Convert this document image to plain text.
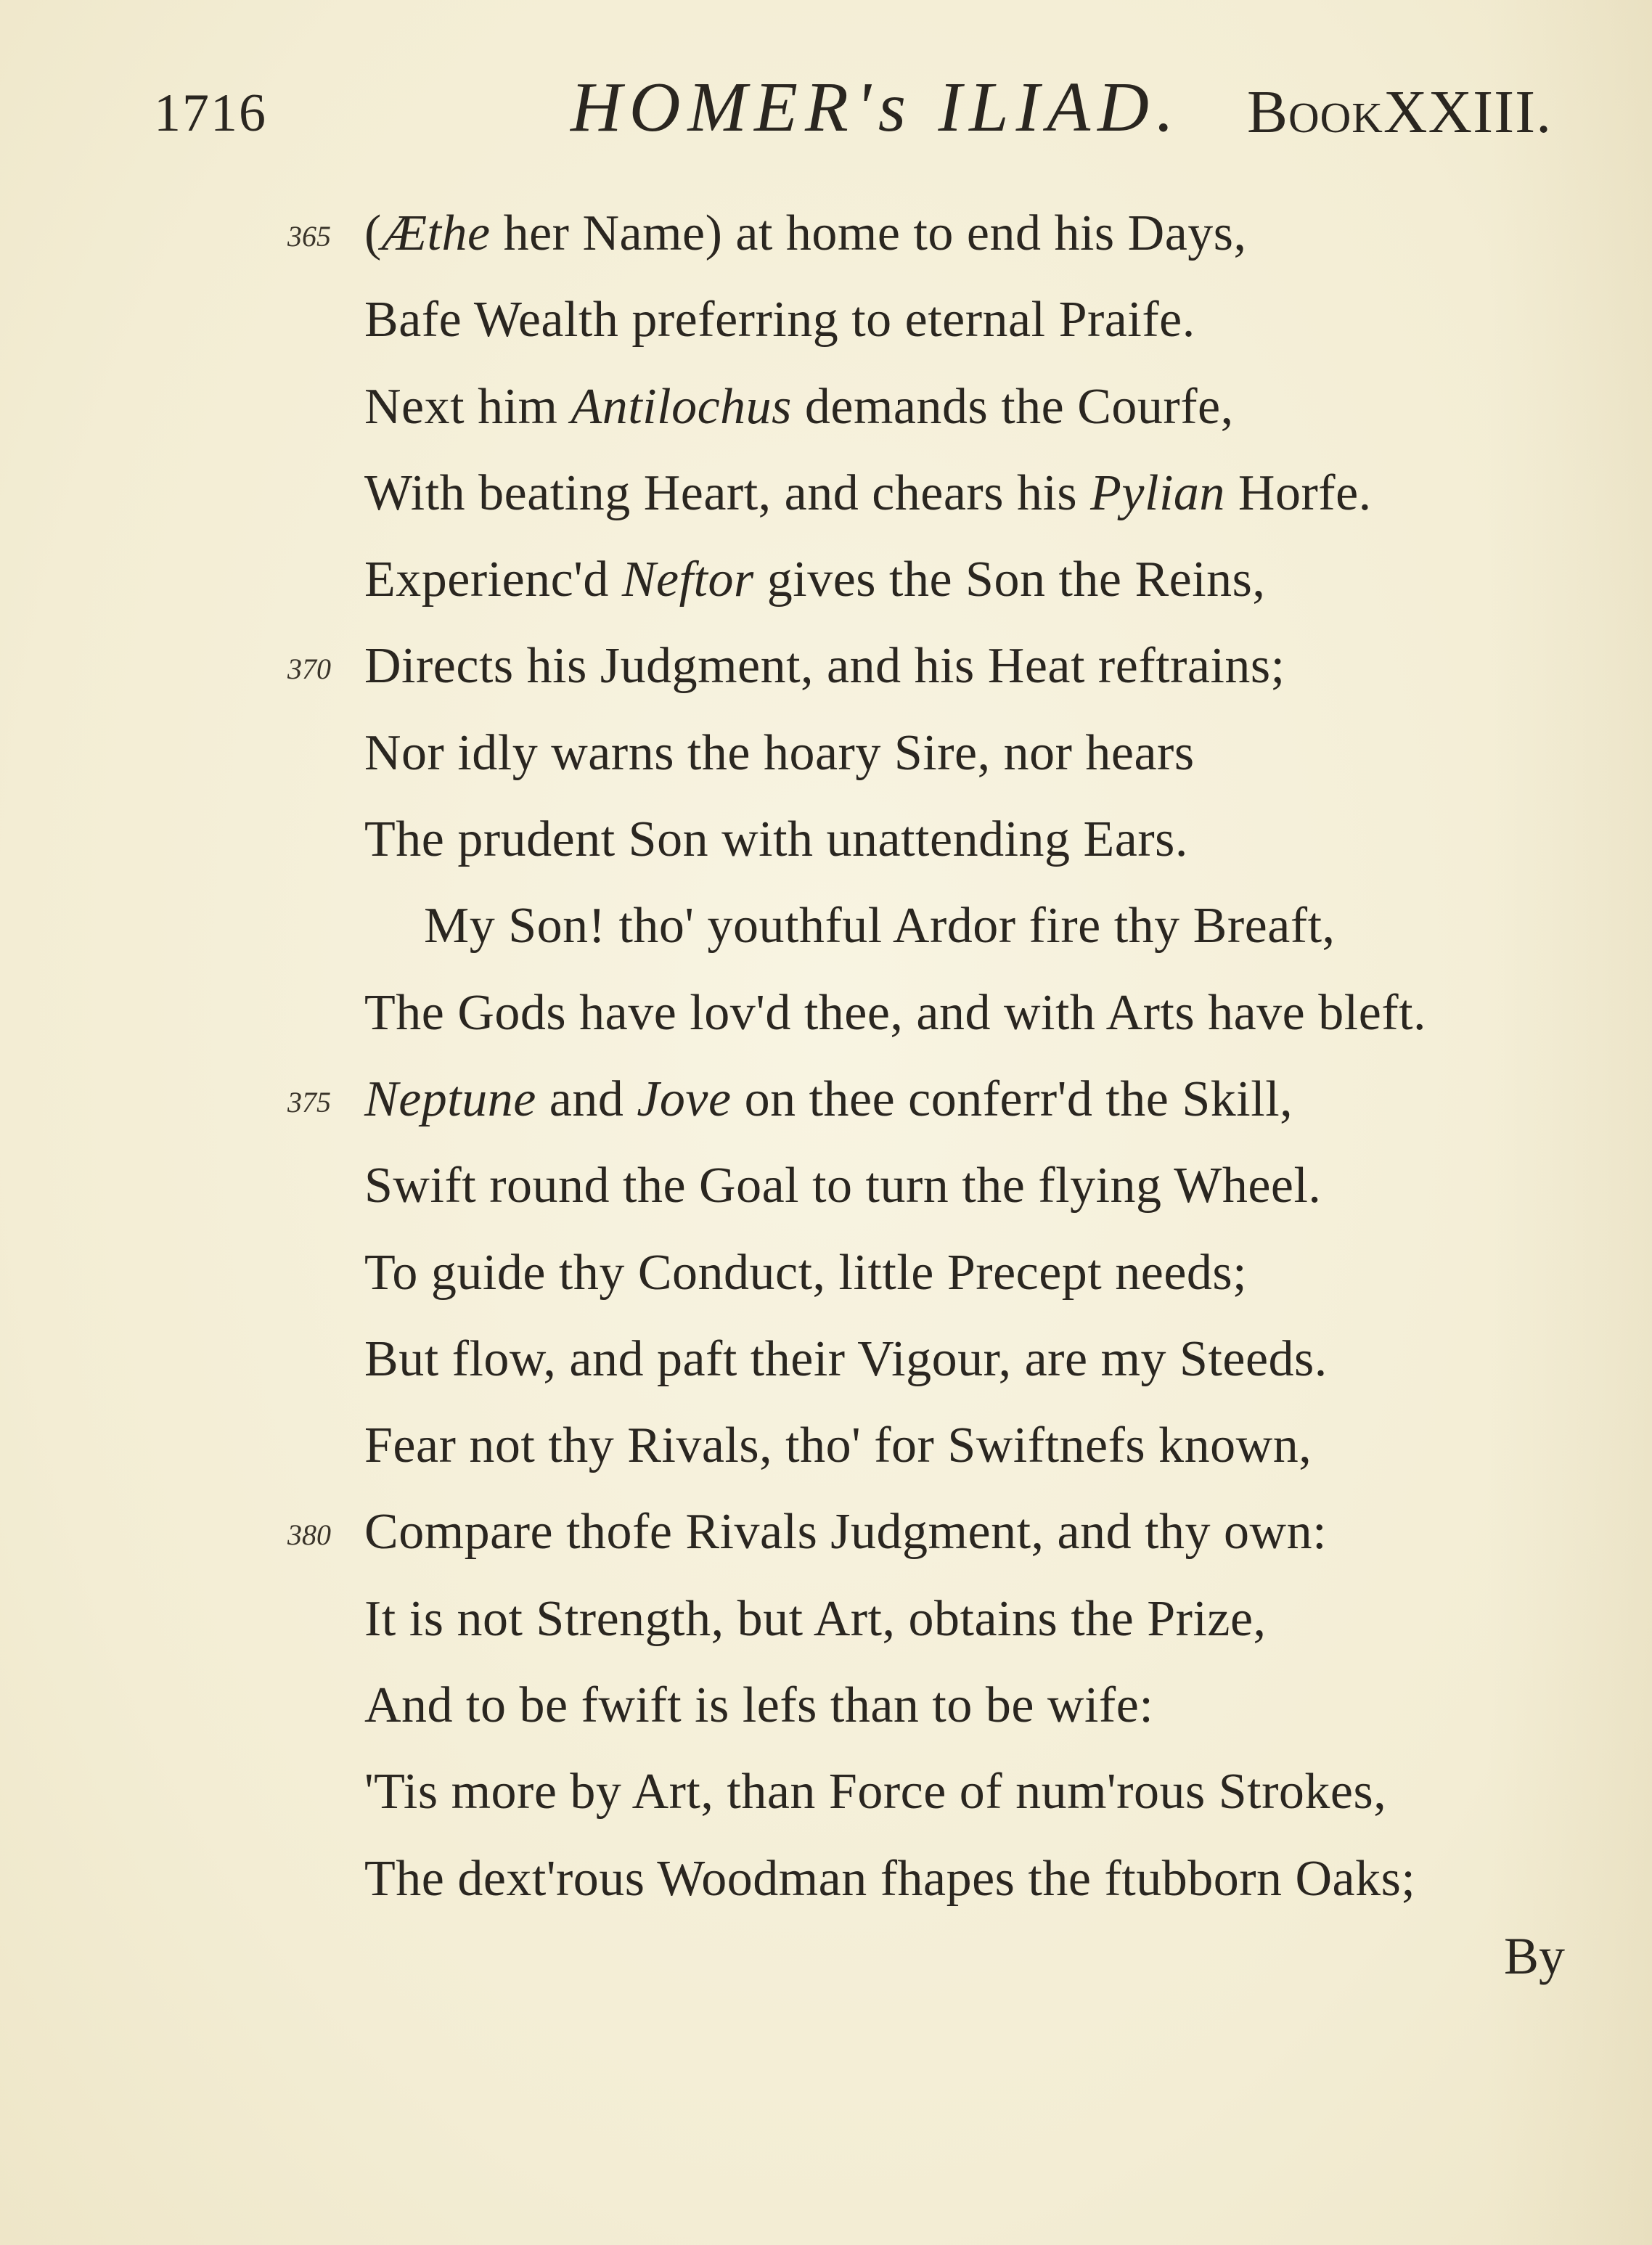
1716	HOMER's ILIAD. BookXXIII.
365 (Æthe her Name) at home to end his Days,
Bafe Wealth preferring to eternal Praife.
Next him Antilochus demands the Courfe,
With beating Heart, and chears his Pylian Horfe.
Experienc'd Neftor gives the Son the Reins,
370 Directs his Judgment, and his Heat reftrains;
Nor idly warns the hoary Sire, nor hears
The prudent Son with unattending Ears.
My Son! tho' youthful Ardor fire thy Breaft,
The Gods have lov'd thee, and with Arts have bleft.
375 Neptune and Jove on thee conferr'd the Skill,
Swift round the Goal to turn the flying Wheel.
To guide thy Conduct, little Precept needs;
But flow, and paft their Vigour, are my Steeds.
Fear not thy Rivals, tho' for Swiftnefs known,
380 Compare thofe Rivals Judgment, and thy own:
It is not Strength, but Art, obtains the Prize,
And to be fwift is lefs than to be wife:
'Tis more by Art, than Force of num'rous Strokes,
The dext'rous Woodman fhapes the ftubborn Oaks;
By
